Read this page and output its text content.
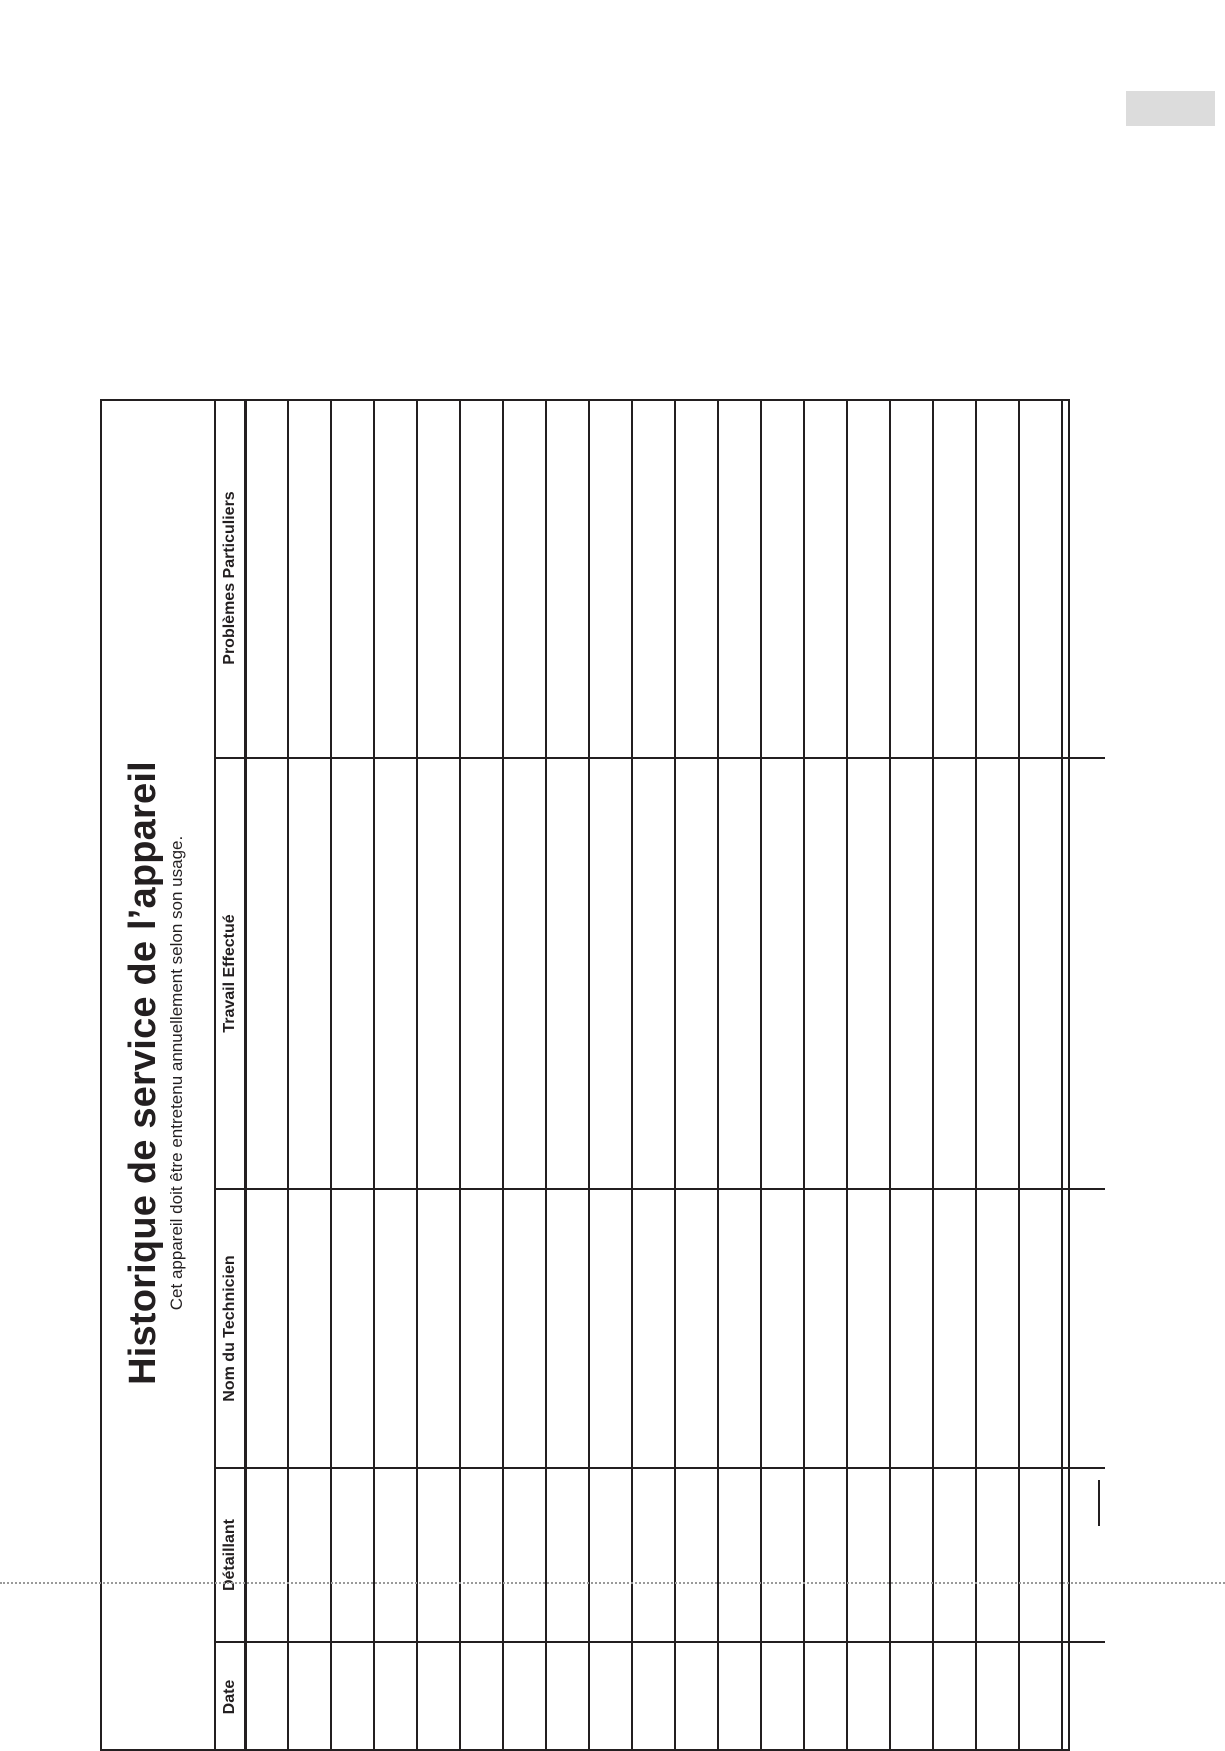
Historique de service de l’appareil Cet appareil doit être entretenu annuellement selon son usage.
Date	Détaillant	Nom du Technicien	Travail Effectué	Problèmes Particuliers
